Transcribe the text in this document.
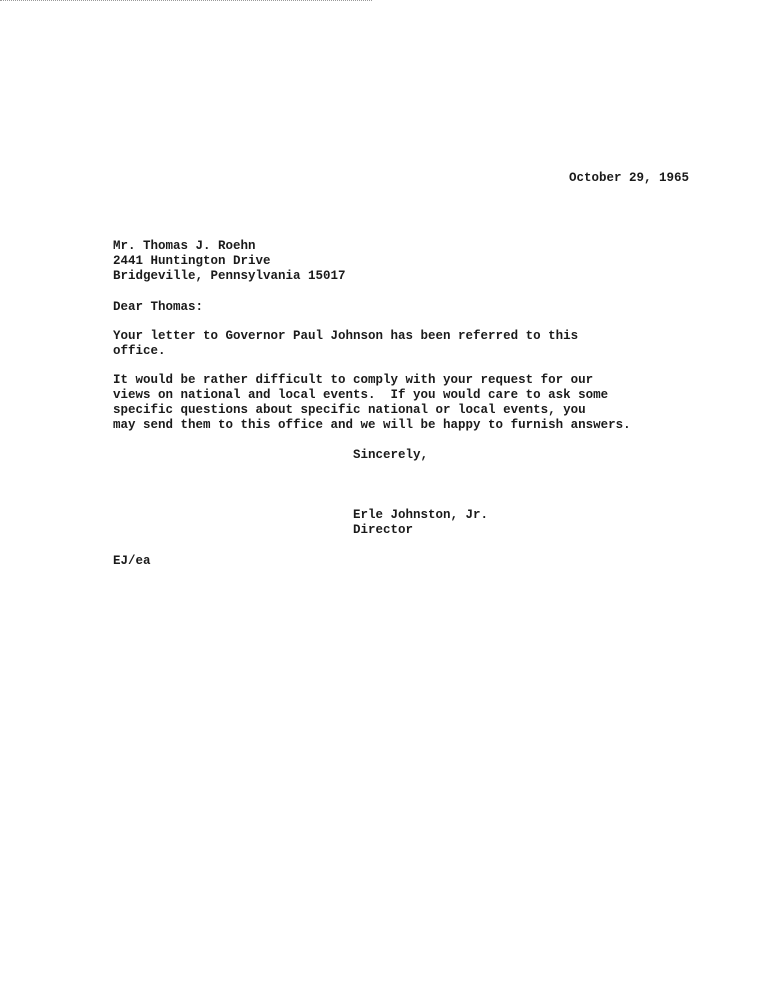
October 29, 1965
Mr. Thomas J. Roehn
2441 Huntington Drive
Bridgeville, Pennsylvania 15017
Dear Thomas:
Your letter to Governor Paul Johnson has been referred to this
office.
It would be rather difficult to comply with your request for our
views on national and local events.  If you would care to ask some
specific questions about specific national or local events, you
may send them to this office and we will be happy to furnish answers.
Sincerely,
Erle Johnston, Jr.
Director
EJ/ea
